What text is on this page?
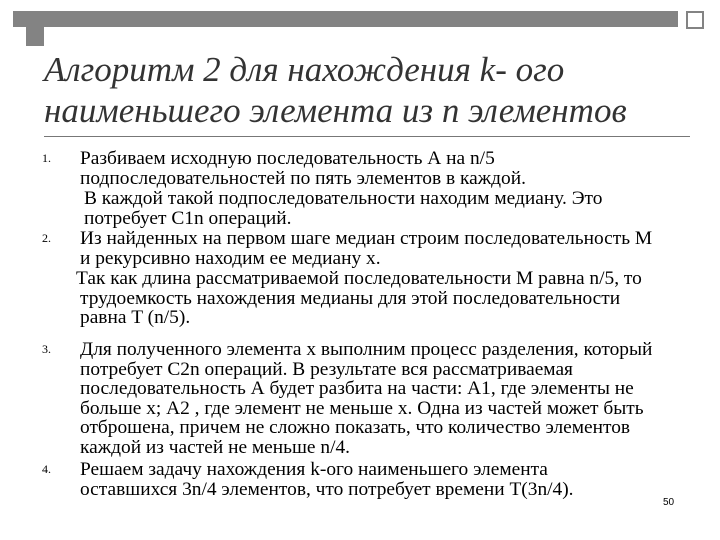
Алгоритм 2 для нахождения k- ого
наименьшего элемента из n элементов
1.	Разбиваем исходную последовательность А на n/5
подпоследовательностей по пять элементов в каждой.
В каждой такой подпоследовательности находим медиану. Это
потребует C1n операций.
2.	Из найденных на первом шаге медиан строим последовательность М
и рекурсивно находим ее медиану x.
Так как длина рассматриваемой последовательности М равна n/5, то
трудоемкость нахождения медианы для этой последовательности
равна T (n/5).
3.	Для полученного элемента x выполним процесс разделения, который
потребует C2n операций. В результате вся рассматриваемая
последовательность А будет разбита на части: А1, где элементы не
больше x; А2 , где элемент не меньше x. Одна из частей может быть
отброшена, причем не сложно показать, что количество элементов
каждой из частей не меньше n/4.
4.	Решаем задачу нахождения k-ого наименьшего элемента
оставшихся 3n/4 элементов, что потребует времени T(3n/4).
50
